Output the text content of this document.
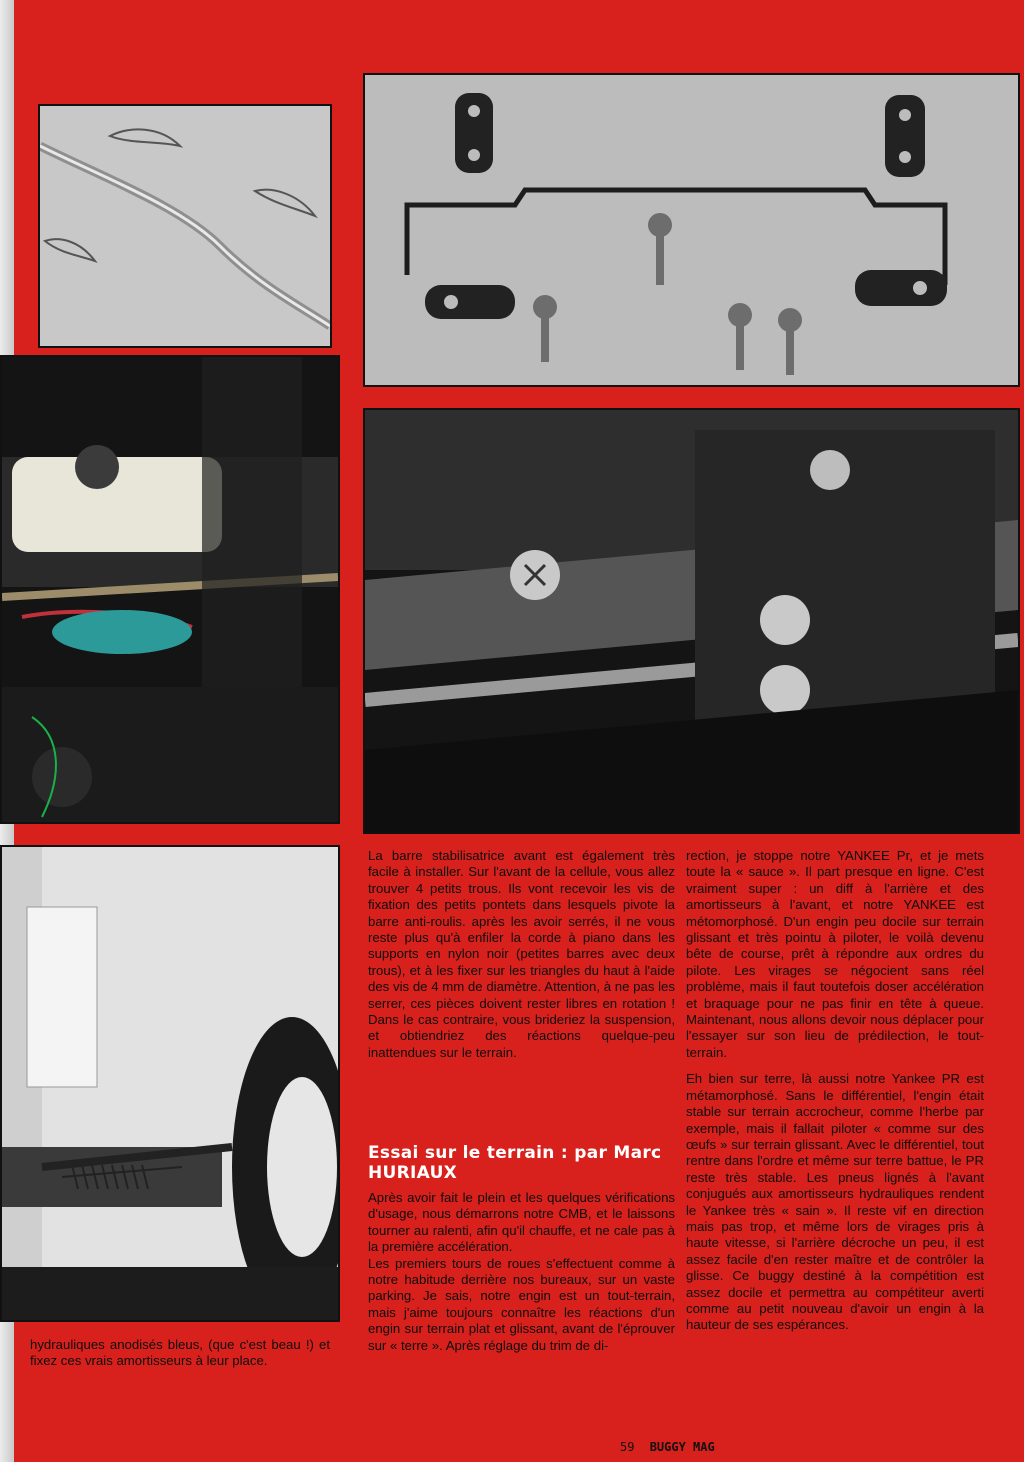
hydrauliques anodisés bleus, (que c'est beau !) et fixez ces vrais amortisseurs à leur place.

La barre stabilisatrice avant est également très facile à installer. Sur l'avant de la cellule, vous allez trouver 4 petits trous. Ils vont recevoir les vis de fixation des petits pontets dans lesquels pivote la barre anti-roulis. après les avoir serrés, il ne vous reste plus qu'à enfiler la corde à piano dans les supports en nylon noir (petites barres avec deux trous), et à les fixer sur les triangles du haut à l'aide des vis de 4 mm de diamètre. Attention, à ne pas les serrer, ces pièces doivent rester libres en rotation ! Dans le cas contraire, vous brideriez la suspension, et obtiendriez des réactions quelque-peu inattendues sur le terrain.

Essai sur le terrain : par Marc HURIAUX

Après avoir fait le plein et les quelques vérifications d'usage, nous démarrons notre CMB, et le laissons tourner au ralenti, afin qu'il chauffe, et ne cale pas à la première accélération.

Les premiers tours de roues s'effectuent comme à notre habitude derrière nos bureaux, sur un vaste parking. Je sais, notre engin est un tout-terrain, mais j'aime toujours connaître les réactions d'un engin sur terrain plat et glissant, avant de l'éprouver sur « terre ». Après réglage du trim de di-

rection, je stoppe notre YANKEE Pr, et je mets toute la « sauce ». Il part presque en ligne. C'est vraiment super : un diff à l'arrière et des amortisseurs à l'avant, et notre YANKEE est métomorphosé. D'un engin peu docile sur terrain glissant et très pointu à piloter, le voilà devenu bête de course, prêt à répondre aux ordres du pilote. Les virages se négocient sans réel problème, mais il faut toutefois doser accélération et braquage pour ne pas finir en tête à queue. Maintenant, nous allons devoir nous déplacer pour l'essayer sur son lieu de prédilection, le tout-terrain.

Eh bien sur terre, là aussi notre Yankee PR est métamorphosé. Sans le différentiel, l'engin était stable sur terrain accrocheur, comme l'herbe par exemple, mais il fallait piloter « comme sur des œufs » sur terrain glissant. Avec le différentiel, tout rentre dans l'ordre et même sur terre battue, le PR reste très stable. Les pneus lignés à l'avant conjugués aux amortisseurs hydrauliques rendent le Yankee très « sain ». Il reste vif en direction mais pas trop, et même lors de virages pris à haute vitesse, si l'arrière décroche un peu, il est assez facile d'en rester maître et de contrôler la glisse. Ce buggy destiné à la compétition est assez docile et permettra au compétiteur averti comme au petit nouveau d'avoir un engin à la hauteur de ses espérances.

59 BUGGY MAG
